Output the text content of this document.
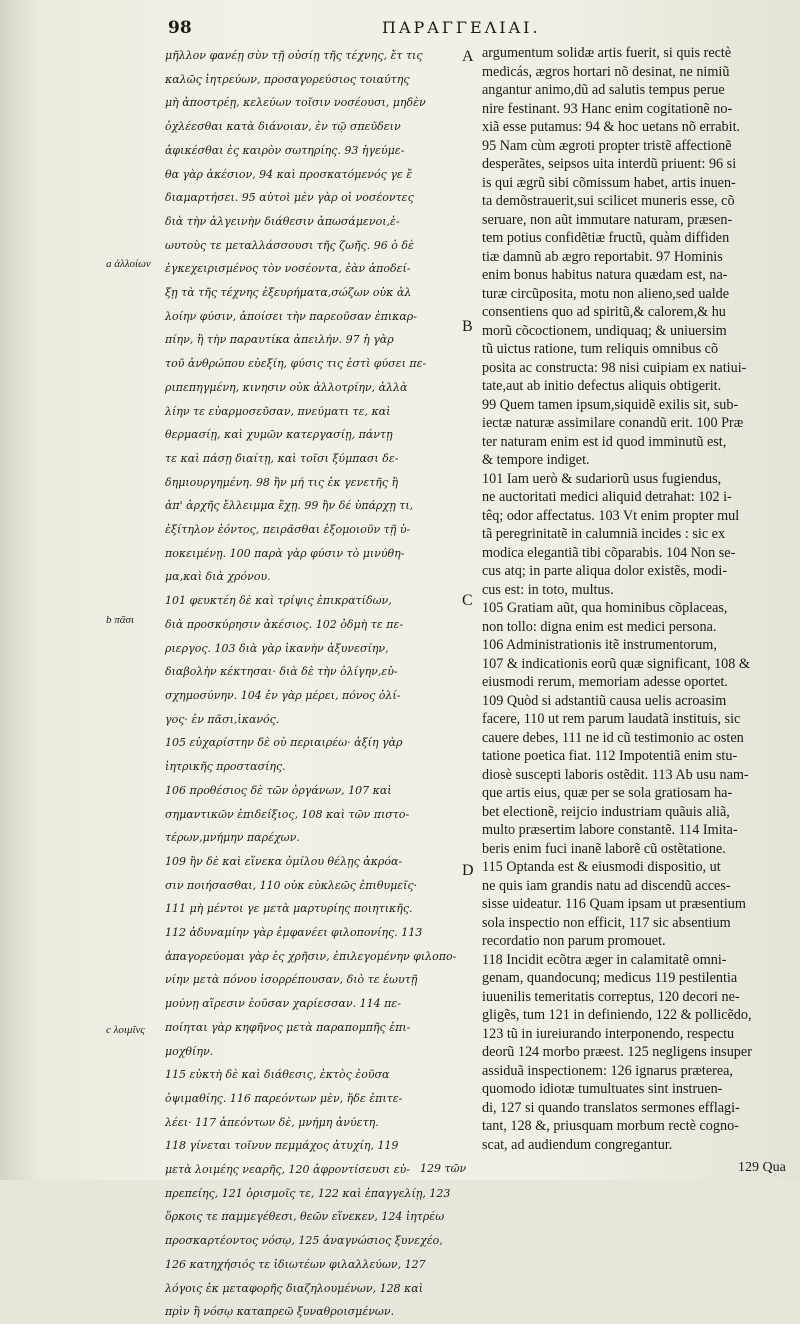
98	ΠΑΡΑΓΓΕΛΙΑΙ.
μῆλλον φανέῃ σὺν τῇ οὐσίῃ τῆς τέχνης, ἔτ τις
καλῶς ἰητρεύων, προσαγορεύσιος τοιαύτης
μὴ ἀποστρέῃ, κελεύων τοῖσιν νοσέουσι, μηδὲν
ὀχλέεσθαι κατὰ διάνοιαν, ἐν τῷ σπεῦδειν
ἀφικέσθαι ἐς καιρὸν σωτηρίης. 93 ἡγεύμε-
θα γὰρ ἀκέσιον, 94 καὶ προσκατόμενός γε ἔ
διαμαρτήσει. 95 αὐτοὶ μὲν γὰρ οἱ νοσέοντες
διὰ τὴν ἀλγεινὴν διάθεσιν ἀπωσάμενοι,ἑ-
ωυτοὺς τε μεταλλάσσουσι τῆς ζωῆς. 96 ὁ δὲ
ἐγκεχειρισμένος τὸν νοσέοντα, ἐὰν ἀποδεί-
ξῃ τὰ τῆς τέχνης ἐξευρήματα,σώζων οὐκ ἀλ
λοίην φύσιν, ἀποίσει τὴν παρεοῦσαν ἐπικαρ-
πίην, ἢ τὴν παραυτίκα ἀπειλήν. 97 ἡ γὰρ
τοῦ ἀνθρώπου εὐεξίη, φύσις τις ἐστὶ φύσει πε-
ριπεπηγμένη, κινησιν οὐκ ἀλλοτρίην, ἀλλὰ
λίην τε εὐαρμοσεῦσαν, πνεύματι τε, καὶ
θερμασίῃ, καὶ χυμῶν κατεργασίῃ, πάντῃ
τε καὶ πάσῃ διαίτῃ, καὶ τοῖσι ξύμπασι δε-
δημιουργημένη. 98 ἢν μή τις ἐκ γενετῆς ἢ
ἀπ' ἀρχῆς ἔλλειμμα ἔχῃ. 99 ἢν δέ ὑπάρχῃ τι,
ἐξίτηλον ἐόντος, πειρᾶσθαι ἐξομοιοῦν τῇ ὑ-
ποκειμένῃ. 100 παρὰ γὰρ φύσιν τὸ μινύθη-
μα,καὶ διὰ χρόνου.
101 φευκτέη δὲ καὶ τρίψις ἐπικρατίδων,
διὰ προσκύρησιν ἀκέσιος. 102 ὀδμὴ τε πε-
ριεργος. 103 διὰ γὰρ ἱκανὴν ἀξυνεσίην,
διαβολὴν κέκτησαι· διὰ δὲ τὴν ὀλίγην,εὐ-
σχημοσύνην. 104 ἐν γὰρ μέρει, πόνος ὀλί-
γος· ἐν πᾶσι,ἱκανός.
105 εὐχαρίστην δὲ οὐ περιαιρέω· ἀξίη γὰρ
ἰητρικῆς προστασίης.
106 προθέσιος δὲ τῶν ὀργάνων, 107 καὶ
σημαντικῶν ἐπιδείξιος, 108 καὶ τῶν πιστο-
τέρων,μνήμην παρέχων.
109 ἢν δὲ καὶ εἵνεκα ὁμίλου θέλῃς ἀκρόα-
σιν ποιήσασθαι, 110 οὐκ εὐκλεῶς ἐπιθυμεῖς·
111 μὴ μέντοι γε μετὰ μαρτυρίης ποιητικῆς.
112 ἀδυναμίην γὰρ ἐμφανέει φιλοπονίης. 113
ἀπαγορεύομαι γὰρ ἐς χρῆσιν, ἐπιλεγομένην φιλοπο-
νίην μετὰ πόνου ἰσορρέπουσαν, διὸ τε ἑωυτῇ
μούνῃ αἵρεσιν ἐοῦσαν χαρίεσσαν. 114 πε-
ποίηται γὰρ κηφῆνος μετὰ παραπομπῆς ἐπι-
μοχθίην.
115 εὐκτὴ δὲ καὶ διάθεσις, ἐκτὸς ἐοῦσα
ὀψιμαθίης. 116 παρεόντων μὲν, ἥδε ἐπιτε-
λέει· 117 ἀπεόντων δὲ, μνήμη ἀνύετη.
118 γίνεται τοῖνυν πεμμάχος ἀτυχίη, 119
μετὰ λοιμέης νεαρῆς, 120 ἀφροντίσευσι εὐ-
πρεπείης, 121 ὁρισμοῖς τε, 122 καὶ ἐπαγγελίῃ, 123
ὅρκοις τε παμμεγέθεσι, θεῶν εἵνεκεν, 124 ἰητρέω
προσκαρτέοντος νόσῳ, 125 ἀναγνώσιος ξυνεχέο,
126 κατηχήσιός τε ἰδιωτέων φιλαλλεύων, 127
λόγοις ἐκ μεταφορῆς διαζηλουμένων, 128 καὶ
πρὶν ἢ νόσῳ καταπρεῶ ξυναθροισμένων.
argumentum solidæ artis fuerit, si quis rectè
medicás, ægros hortari nõ desinat, ne nimiũ
angantur animo,dũ ad salutis tempus perue
nire festinant. 93 Hanc enim cogitationẽ no-
xiã esse putamus: 94 & hoc uetans nõ errabit.
95 Nam cùm ægroti propter tristẽ affectionẽ
desperãtes, seipsos uita interdũ priuent: 96 si
is qui ægrũ sibi cõmissum habet, artis inuen-
ta demõstrauerit,sui scilicet muneris esse, cõ
seruare, non aũt immutare naturam, præsen-
tem potius confidẽtiæ fructũ, quàm diffiden
tiæ damnũ ab ægro reportabit. 97 Hominis
enim bonus habitus natura quædam est, na-
turæ circũposita, motu non alieno,sed ualde
consentiens quo ad spiritũ,& calorem,& hu
morũ cõcoctionem, undiquaq; & uniuersim
tũ uictus ratione, tum reliquis omnibus cõ
posita ac constructa: 98 nisi cuipiam ex natiui-
tate,aut ab initio defectus aliquis obtigerit.
99 Quem tamen ipsum,siquidẽ exilis sit, sub-
iectæ naturæ assimilare conandũ erit. 100 Præ
ter naturam enim est id quod imminutũ est,
& tempore indiget.
101 Iam uerò & sudariorũ usus fugiendus,
ne auctoritati medici aliquid detrahat: 102 i-
têq; odor affectatus. 103 Vt enim propter mul
tã peregrinitatẽ in calumniã incides : sic ex
modica elegantiã tibi cõparabis. 104 Non se-
cus atq; in parte aliqua dolor existẽs, modi-
cus est: in toto, multus.
105 Gratiam aũt, qua hominibus cõplaceas,
non tollo: digna enim est medici persona.
106 Administrationis itẽ instrumentorum,
107 & indicationis eorũ quæ significant, 108 &
eiusmodi rerum, memoriam adesse oportet.
109 Quòd si adstantiũ causa uelis acroasim
facere, 110 ut rem parum laudatã instituis, sic
cauere debes, 111 ne id cũ testimonio ac osten
tatione poetica fiat. 112 Impotentiã enim stu-
diosè suscepti laboris ostẽdit. 113 Ab usu nam-
que artis eius, quæ per se sola gratiosam ha-
bet electionẽ, reijcio industriam quãuis aliã,
multo præsertim labore constantẽ. 114 Imita-
beris enim fuci inanẽ laborẽ cũ ostẽtatione.
115 Optanda est & eiusmodi dispositio, ut
ne quis iam grandis natu ad discendũ acces-
sisse uideatur. 116 Quam ipsam ut præsentium
sola inspectio non efficit, 117 sic absentium
recordatio non parum promouet.
118 Incidit ecõtra æger in calamitatẽ omni-
genam, quandocunq; medicus 119 pestilentia
iuuenilis temeritatis correptus, 120 decori ne-
gligẽs, tum 121 in definiendo, 122 & pollicẽdo,
123 tũ in iureiurando interponendo, respectu
deorũ 124 morbo præest. 125 negligens insuper
assiduã inspectionem: 126 ignarus præterea,
quomodo idiotæ tumultuates sint instruen-
di, 127 si quando translatos sermones efflagi-
tant, 128 &, priusquam morbum rectè cogno-
scat, ad audiendum congregantur.
A
B
C
D
a ἀλλοίων
b πᾶσι
c λοιμῖνς
129 τῶν	129 Qua
